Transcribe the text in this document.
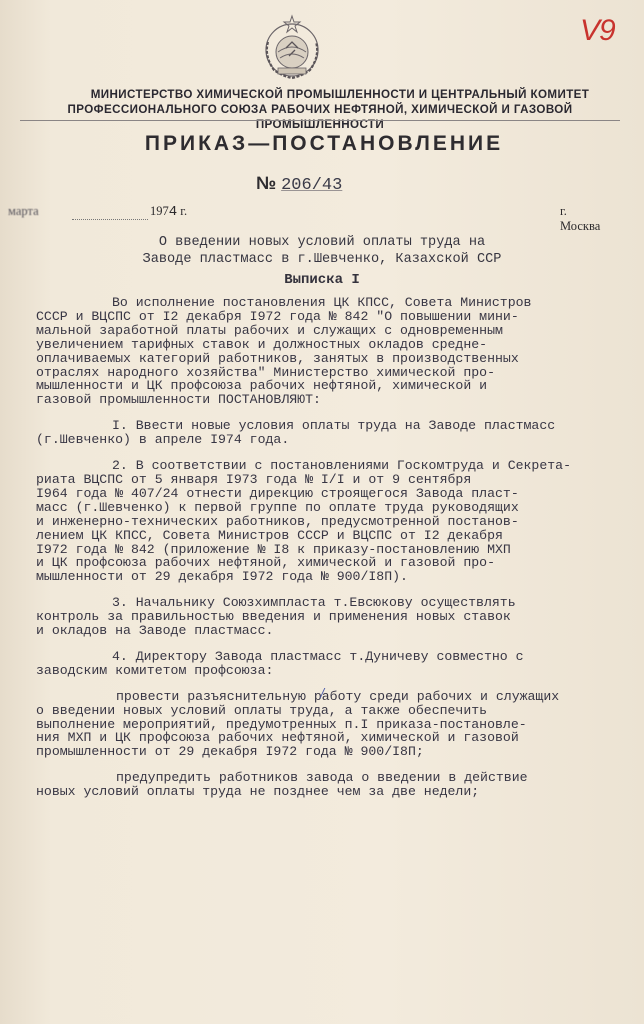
V9
МИНИСТЕРСТВО ХИМИЧЕСКОЙ ПРОМЫШЛЕННОСТИ И ЦЕНТРАЛЬНЫЙ КОМИТЕТ
ПРОФЕССИОНАЛЬНОГО СОЮЗА РАБОЧИХ НЕФТЯНОЙ, ХИМИЧЕСКОЙ И ГАЗОВОЙ ПРОМЫШЛЕННОСТИ
ПРИКАЗ—ПОСТАНОВЛЕНИЕ
№ 206/43
марта	1974 г.	г. Москва
О введении новых условий оплаты труда на
Заводе пластмасс в г.Шевченко, Казахской ССР
Выписка I

Во исполнение постановления ЦК КПСС, Совета Министров
СССР и ВЦСПС от I2 декабря I972 года № 842 "О повышении мини-
мальной заработной платы рабочих и служащих с одновременным
увеличением тарифных ставок и должностных окладов средне-
оплачиваемых категорий работников, занятых в производственных
отраслях народного хозяйства" Министерство химической про-
мышленности и ЦК профсоюза рабочих нефтяной, химической и
газовой промышленности ПОСТАНОВЛЯЮТ:

I. Ввести новые условия оплаты труда на Заводе пластмасс
(г.Шевченко) в апреле I974 года.

2. В соответствии с постановлениями Госкомтруда и Секрета-
риата ВЦСПС от 5 января I973 года № I/I и от 9 сентября
I964 года № 407/24 отнести дирекцию строящегося Завода пласт-
масс (г.Шевченко) к первой группе по оплате труда руководящих
и инженерно-технических работников, предусмотренной постанов-
лением ЦК КПСС, Совета Министров СССР и ВЦСПС от I2 декабря
I972 года № 842 (приложение № I8 к приказу-постановлению МХП
и ЦК профсоюза рабочих нефтяной, химической и газовой про-
мышленности от 29 декабря I972 года № 900/I8П).

3. Начальнику Союзхимпласта т.Евсюкову осуществлять
контроль за правильностью введения и применения новых ставок
и окладов на Заводе пластмасс.

4. Директору Завода пластмасс т.Дуничеву совместно с
заводским комитетом профсоюза:

провести разъяснительную работу среди рабочих и служащих
о введении новых условий оплаты труда, а также обеспечить
выполнение мероприятий, предумотренных п.I приказа-постановле-
ния МХП и ЦК профсоюза рабочих нефтяной, химической и газовой
промышленности от 29 декабря I972 года № 900/I8П;

предупредить работников завода о введении в действие
новых условий оплаты труда не позднее чем за две недели;
